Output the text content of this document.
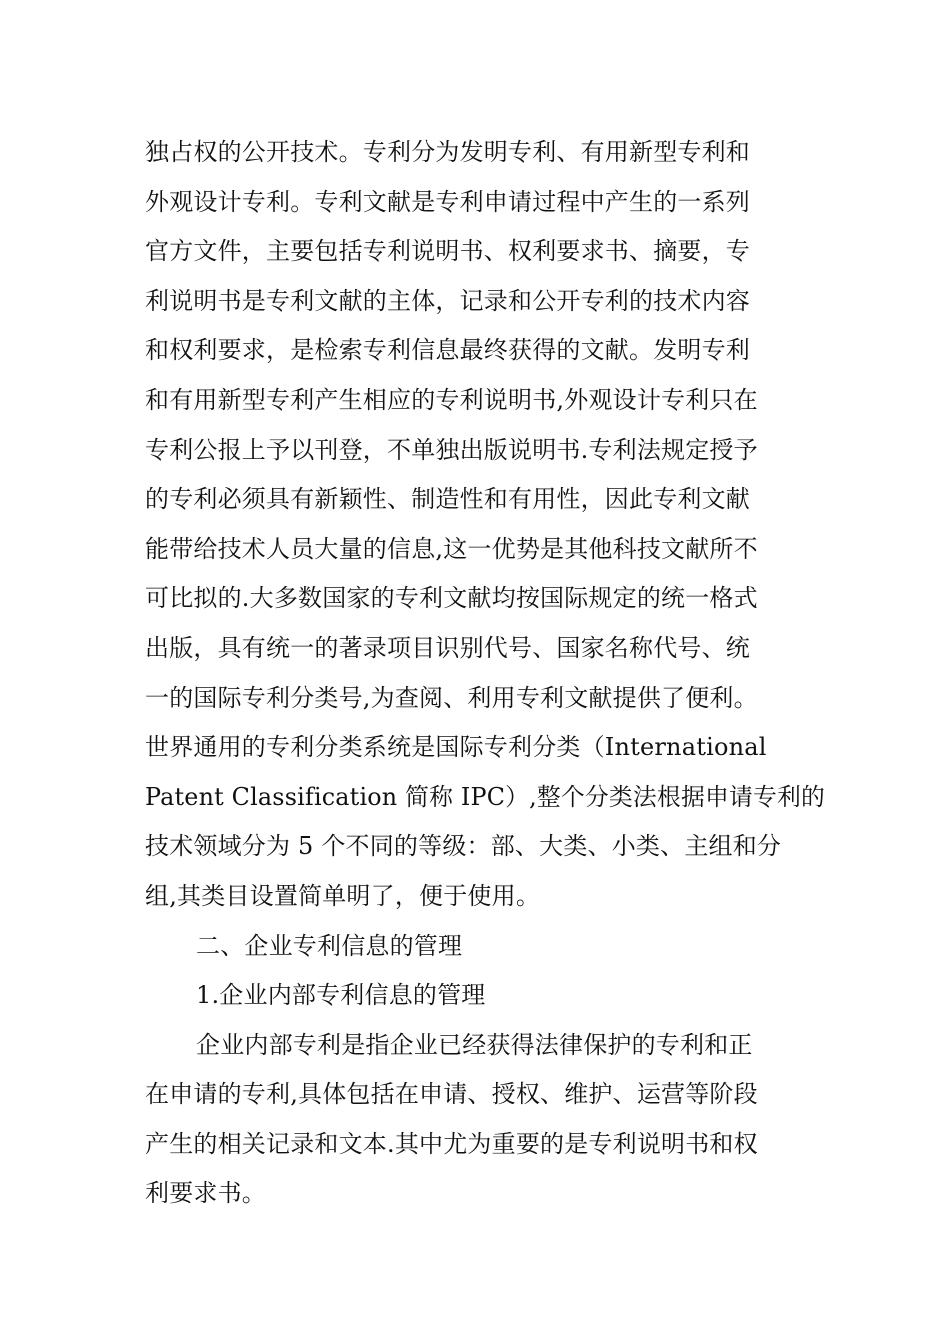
独占权的公开技术。专利分为发明专利、有用新型专利和
外观设计专利。专利文献是专利申请过程中产生的一系列
官方文件，主要包括专利说明书、权利要求书、摘要，专
利说明书是专利文献的主体，记录和公开专利的技术内容
和权利要求，是检索专利信息最终获得的文献。发明专利
和有用新型专利产生相应的专利说明书,外观设计专利只在
专利公报上予以刊登，不单独出版说明书.专利法规定授予
的专利必须具有新颖性、制造性和有用性，因此专利文献
能带给技术人员大量的信息,这一优势是其他科技文献所不
可比拟的.大多数国家的专利文献均按国际规定的统一格式
出版，具有统一的著录项目识别代号、国家名称代号、统
一的国际专利分类号,为查阅、利用专利文献提供了便利。
世界通用的专利分类系统是国际专利分类（International
Patent Classification 简称 IPC）,整个分类法根据申请专利的
技术领域分为 5 个不同的等级：部、大类、小类、主组和分
组,其类目设置简单明了，便于使用。
二、企业专利信息的管理
1.企业内部专利信息的管理
企业内部专利是指企业已经获得法律保护的专利和正
在申请的专利,具体包括在申请、授权、维护、运营等阶段
产生的相关记录和文本.其中尤为重要的是专利说明书和权
利要求书。
